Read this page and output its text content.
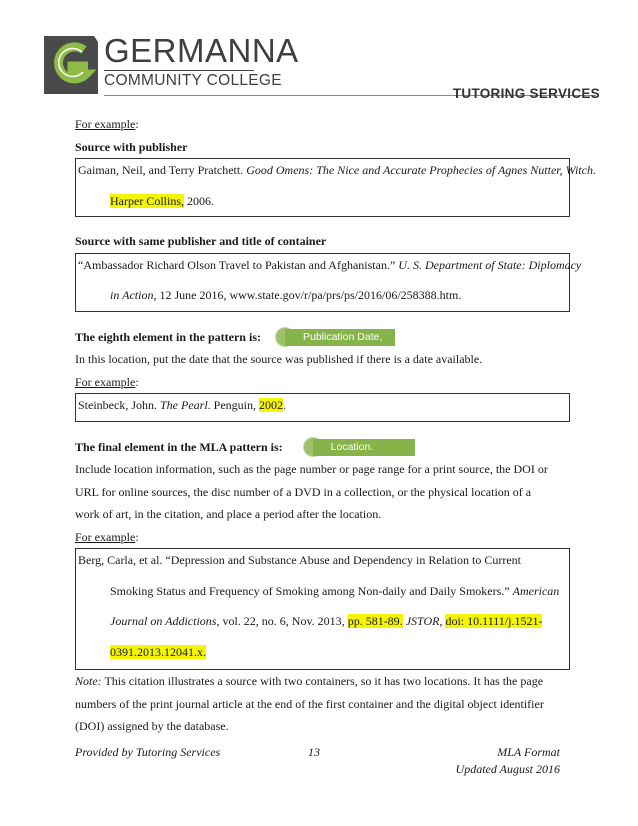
GERMANNA
COMMUNITY COLLEGE
TUTORING SERVICES
For example:
Source with publisher
Gaiman, Neil, and Terry Pratchett. Good Omens: The Nice and Accurate Prophecies of Agnes Nutter, Witch.
Harper Collins, 2006.
Source with same publisher and title of container
“Ambassador Richard Olson Travel to Pakistan and Afghanistan.” U. S. Department of State: Diplomacy
in Action, 12 June 2016, www.state.gov/r/pa/prs/ps/2016/06/258388.htm.
The eighth element in the pattern is:	Publication Date,
In this location, put the date that the source was published if there is a date available.
For example:
Steinbeck, John. The Pearl. Penguin, 2002.
The final element in the MLA pattern is:	Location.
Include location information, such as the page number or page range for a print source, the DOI or
URL for online sources, the disc number of a DVD in a collection, or the physical location of a
work of art, in the citation, and place a period after the location.
For example:
Berg, Carla, et al. “Depression and Substance Abuse and Dependency in Relation to Current
Smoking Status and Frequency of Smoking among Non-daily and Daily Smokers.” American
Journal on Addictions, vol. 22, no. 6, Nov. 2013, pp. 581-89. JSTOR, doi: 10.1111/j.1521-
0391.2013.12041.x.
Note: This citation illustrates a source with two containers, so it has two locations. It has the page
numbers of the print journal article at the end of the first container and the digital object identifier
(DOI) assigned by the database.
Provided by Tutoring Services	13	MLA Format
Updated August 2016
